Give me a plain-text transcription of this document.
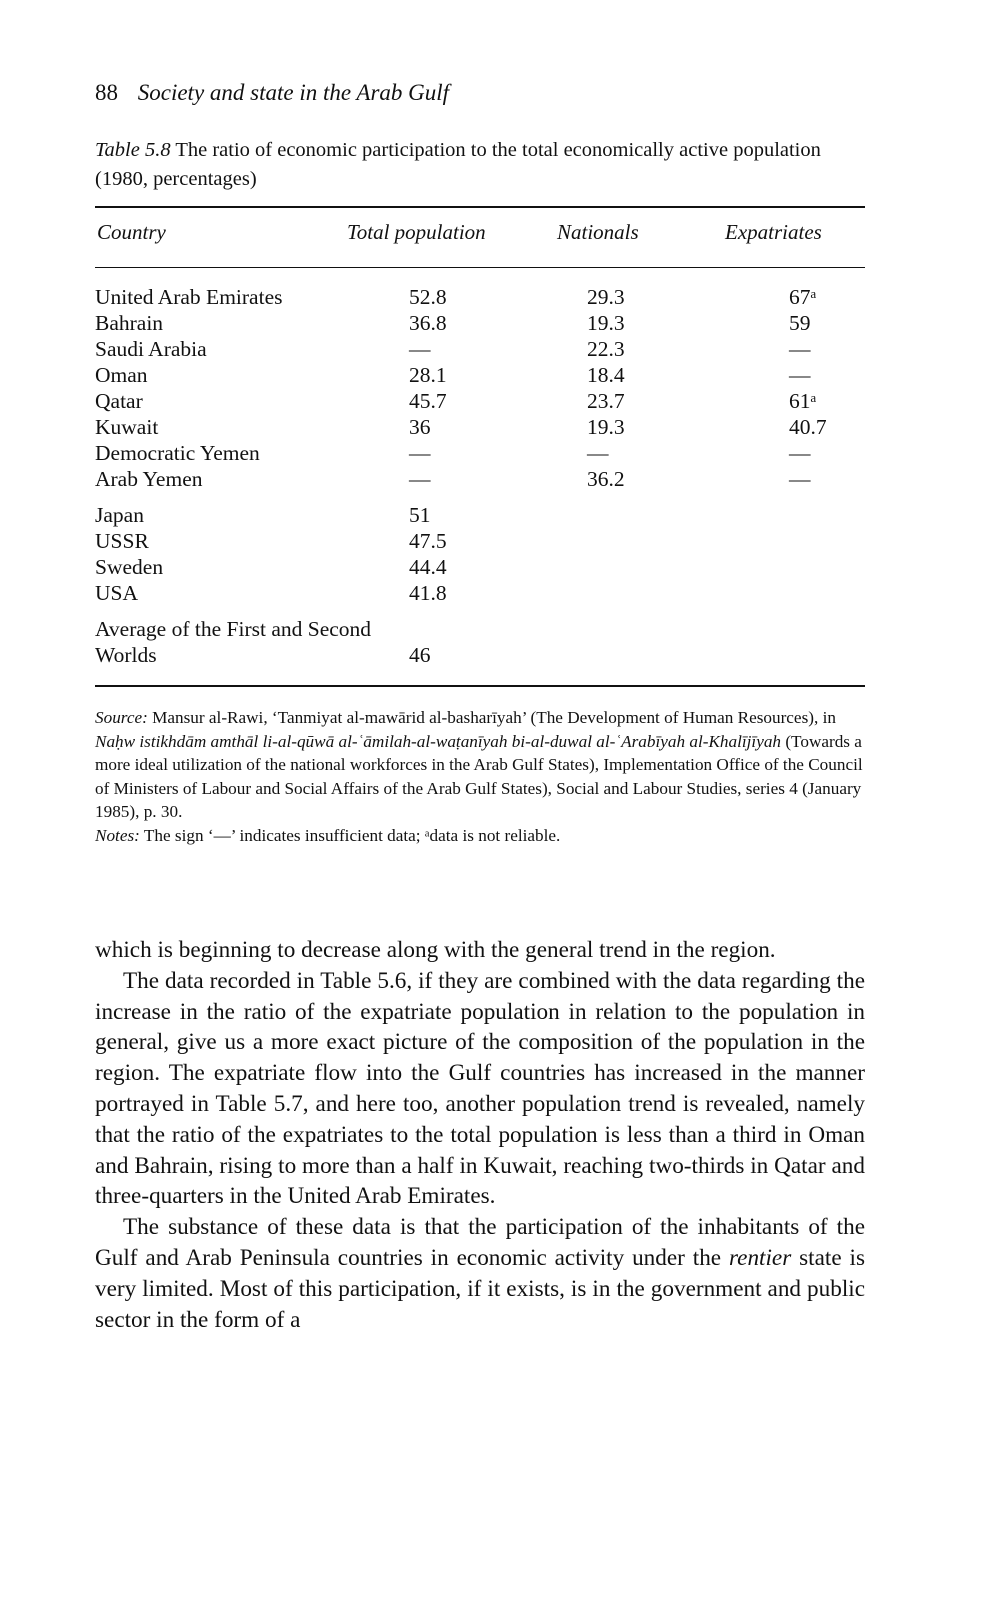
88 Society and state in the Arab Gulf
Table 5.8 The ratio of economic participation to the total economically active population (1980, percentages)
Country	Total population	Nationals	Expatriates
United Arab Emirates	52.8	29.3	67ᵃ
Bahrain	36.8	19.3	59
Saudi Arabia	—	22.3	—
Oman	28.1	18.4	—
Qatar	45.7	23.7	61ᵃ
Kuwait	36	19.3	40.7
Democratic Yemen	—	—	—
Arab Yemen	—	36.2	—
Japan	51
USSR	47.5
Sweden	44.4
USA	41.8
Average of the First and Second Worlds	46
Source: Mansur al-Rawi, ‘Tanmiyat al-mawārid al-basharīyah’ (The Development of Human Resources), in Naḥw istikhdām amthāl li-al-qūwā al-ʿāmilah-al-waṭanīyah bi-al-duwal al-ʿArabīyah al-Khalījīyah (Towards a more ideal utilization of the national workforces in the Arab Gulf States), Implementation Office of the Council of Ministers of Labour and Social Affairs of the Arab Gulf States), Social and Labour Studies, series 4 (January 1985), p. 30.
Notes: The sign ‘—’ indicates insufficient data; ᵃdata is not reliable.

which is beginning to decrease along with the general trend in the region.

The data recorded in Table 5.6, if they are combined with the data regarding the increase in the ratio of the expatriate population in relation to the population in general, give us a more exact picture of the composition of the population in the region. The expatriate flow into the Gulf countries has increased in the manner portrayed in Table 5.7, and here too, another population trend is revealed, namely that the ratio of the expatriates to the total population is less than a third in Oman and Bahrain, rising to more than a half in Kuwait, reaching two-thirds in Qatar and three-quarters in the United Arab Emirates.

The substance of these data is that the participation of the inhabitants of the Gulf and Arab Peninsula countries in economic activity under the rentier state is very limited. Most of this participation, if it exists, is in the government and public sector in the form of a
